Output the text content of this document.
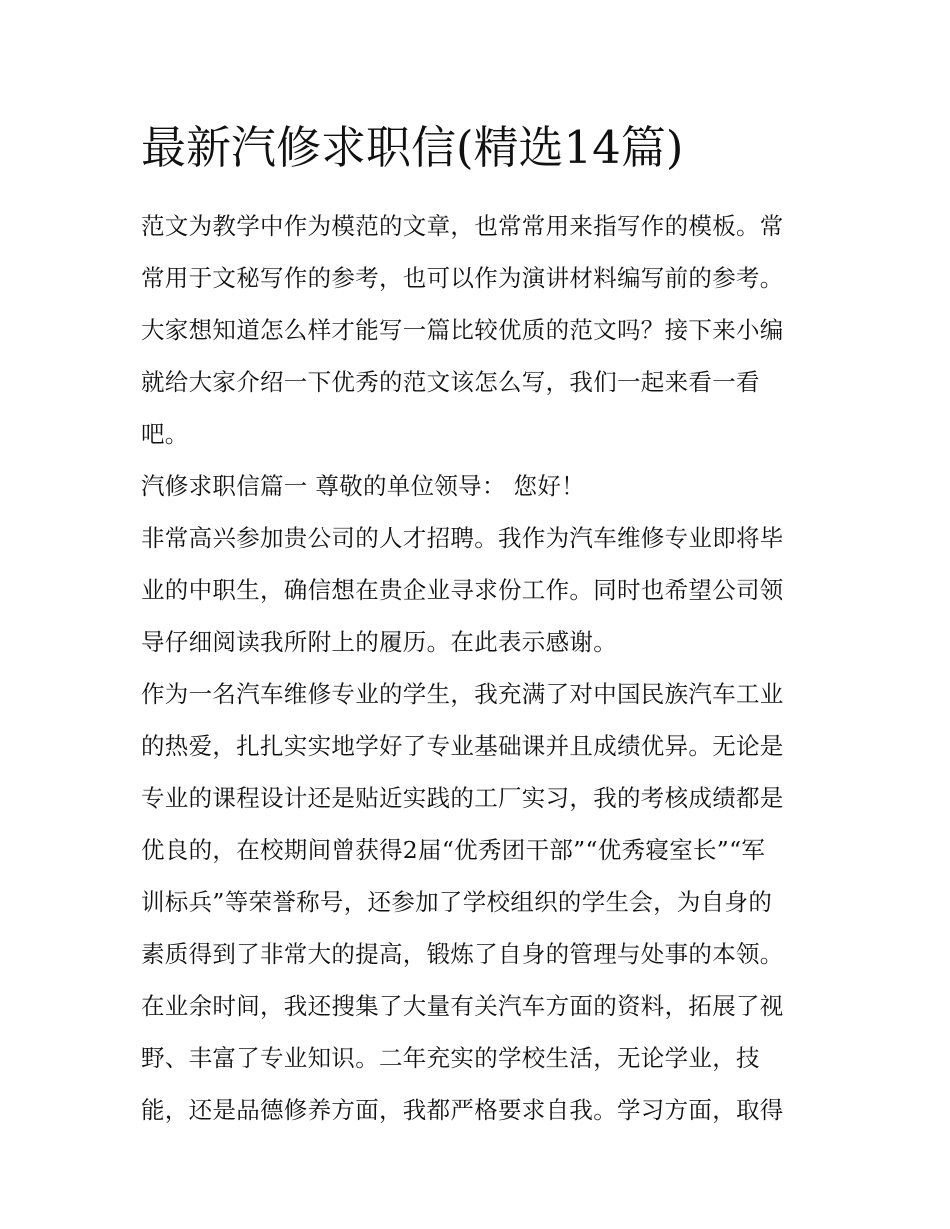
最新汽修求职信(精选14篇)
范文为教学中作为模范的文章，也常常用来指写作的模板。常
常用于文秘写作的参考，也可以作为演讲材料编写前的参考。
大家想知道怎么样才能写一篇比较优质的范文吗？接下来小编
就给大家介绍一下优秀的范文该怎么写，我们一起来看一看
吧。
汽修求职信篇一 尊敬的单位领导： 您好！
非常高兴参加贵公司的人才招聘。我作为汽车维修专业即将毕
业的中职生，确信想在贵企业寻求份工作。同时也希望公司领
导仔细阅读我所附上的履历。在此表示感谢。
作为一名汽车维修专业的学生，我充满了对中国民族汽车工业
的热爱，扎扎实实地学好了专业基础课并且成绩优异。无论是
专业的课程设计还是贴近实践的工厂实习，我的考核成绩都是
优良的，在校期间曾获得2届“优秀团干部”“优秀寝室长”“军
训标兵”等荣誉称号，还参加了学校组织的学生会，为自身的
素质得到了非常大的提高，锻炼了自身的管理与处事的本领。
在业余时间，我还搜集了大量有关汽车方面的资料，拓展了视
野、丰富了专业知识。二年充实的学校生活，无论学业，技
能，还是品德修养方面，我都严格要求自我。学习方面，取得
